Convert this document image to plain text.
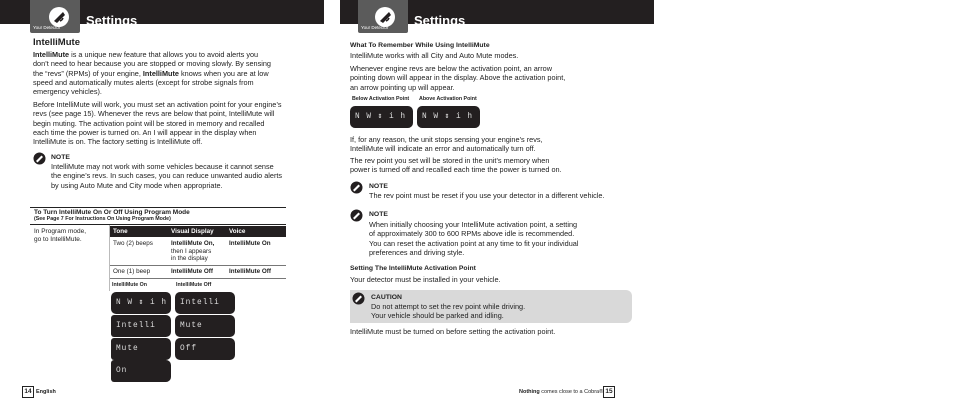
Your Detector Settings
IntelliMute
IntelliMute is a unique new feature that allows you to avoid alerts you
don’t need to hear because you are stopped or moving slowly. By sensing
the “revs” (RPMs) of your engine, IntelliMute knows when you are at low
speed and automatically mutes alerts (except for strobe signals from
emergency vehicles).
Before IntelliMute will work, you must set an activation point for your engine’s
revs (see page 15). Whenever the revs are below that point, IntelliMute will
begin muting. The activation point will be stored in memory and recalled
each time the power is turned on. An I will appear in the display when
IntelliMute is on. The factory setting is IntelliMute off.
NOTE
IntelliMute may not work with some vehicles because it cannot sense
the engine’s revs. In such cases, you can reduce unwanted audio alerts
by using Auto Mute and City mode when appropriate.
To Turn IntelliMute On Or Off Using Program Mode
(See Page 7 For Instructions On Using Program Mode)
In Program mode,
go to IntelliMute.
Tone	Visual Display Voice
Two (2) beeps	IntelliMute On,
then I appears
in the display
IntelliMute On
One (1) beep	IntelliMute Off	IntelliMute Off
IntelliMute On	IntelliMute Off
N W ⇕ i h
Intelli
Mute
On
Intelli
Mute
Off
14 English
Your Detector Settings
What To Remember While Using IntelliMute
IntelliMute works with all City and Auto Mute modes.
Whenever engine revs are below the activation point, an arrow
pointing down will appear in the display. Above the activation point,
an arrow pointing up will appear.
Below Activation Point Above Activation Point
N W ⇕ i h N W ⇕ i h
If, for any reason, the unit stops sensing your engine’s revs,
IntelliMute will indicate an error and automatically turn off.
The rev point you set will be stored in the unit’s memory when
power is turned off and recalled each time the power is turned on.
NOTE
The rev point must be reset if you use your detector in a different vehicle.
NOTE
When initially choosing your IntelliMute activation point, a setting
of approximately 300 to 600 RPMs above idle is recommended.
You can reset the activation point at any time to fit your individual
preferences and driving style.
Setting The IntelliMute Activation Point
Your detector must be installed in your vehicle.
CAUTION
Do not attempt to set the rev point while driving.
Your vehicle should be parked and idling.
IntelliMute must be turned on before setting the activation point.
Nothing comes close to a Cobra® 15
